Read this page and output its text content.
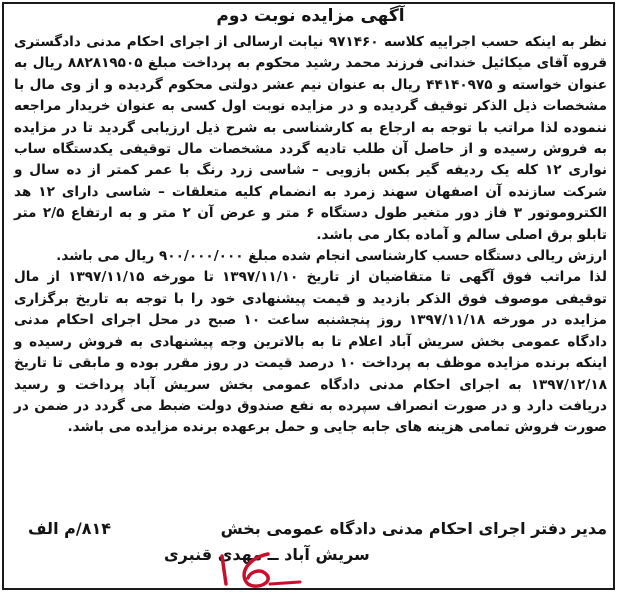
آگهی مزایده نوبت دوم

نظر به اینکه حسب اجراییه کلاسه ۹۷۱۴۶۰ نیابت ارسالی از اجرای احکام مدنی دادگستری قروه آقای میکائیل خندانی فرزند محمد رشید محکوم به پرداخت مبلغ ۸۸۲۸۱۹۵۰۵ ریال به عنوان خواسته و ۴۴۱۴۰۹۷۵ ریال به عنوان نیم عشر دولتی محکوم گردیده و از وی مال با مشخصات ذیل الذکر توقیف گردیده و در مزایده نوبت اول کسی به عنوان خریدار مراجعه ننموده لذا مراتب با توجه به ارجاع به کارشناسی به شرح ذیل ارزیابی گردید تا در مزایده به فروش رسیده و از حاصل آن طلب تادیه گردد مشخصات مال توقیفی یکدستگاه ساب نواری ۱۲ کله یک ردیفه گیر بکس بازویی – شاسی زرد رنگ با عمر کمتر از ده سال و شرکت سازنده آن اصفهان سهند زمرد به انضمام کلیه متعلقات – شاسی دارای ۱۲ هد الکتروموتور ۳ فاز دور متغیر طول دستگاه ۶ متر و عرض آن ۲ متر و به ارتفاع ۲/۵ متر تابلو برق اصلی سالم و آماده بکار می باشد.

ارزش ریالی دستگاه حسب کارشناسی انجام شده مبلغ ۹۰۰/۰۰۰/۰۰۰ ریال می باشد.

لذا مراتب فوق آگهی تا متقاضیان از تاریخ ۱۳۹۷/۱۱/۱۰ تا مورخه ۱۳۹۷/۱۱/۱۵ از مال توقیفی موصوف فوق الذکر بازدید و قیمت پیشنهادی خود را با توجه به تاریخ برگزاری مزایده در مورخه ۱۳۹۷/۱۱/۱۸ روز پنجشنبه ساعت ۱۰ صبح در محل اجرای احکام مدنی دادگاه عمومی بخش سریش آباد اعلام تا به بالاترین وجه پیشنهادی به فروش رسیده و اینکه برنده مزایده موظف به پرداخت ۱۰ درصد قیمت در روز مقرر بوده و مابقی تا تاریخ ۱۳۹۷/۱۲/۱۸ به اجرای احکام مدنی دادگاه عمومی بخش سریش آباد پرداخت و رسید دریافت دارد و در صورت انصراف سپرده به نفع صندوق دولت ضبط می گردد در ضمن در صورت فروش تمامی هزینه های جابه جایی و حمل برعهده برنده مزایده می باشد.

مدیر دفتر اجرای احکام مدنی دادگاه عمومی بخش
۸۱۴/م الف
سریش آباد ــ مهدی قنبری
